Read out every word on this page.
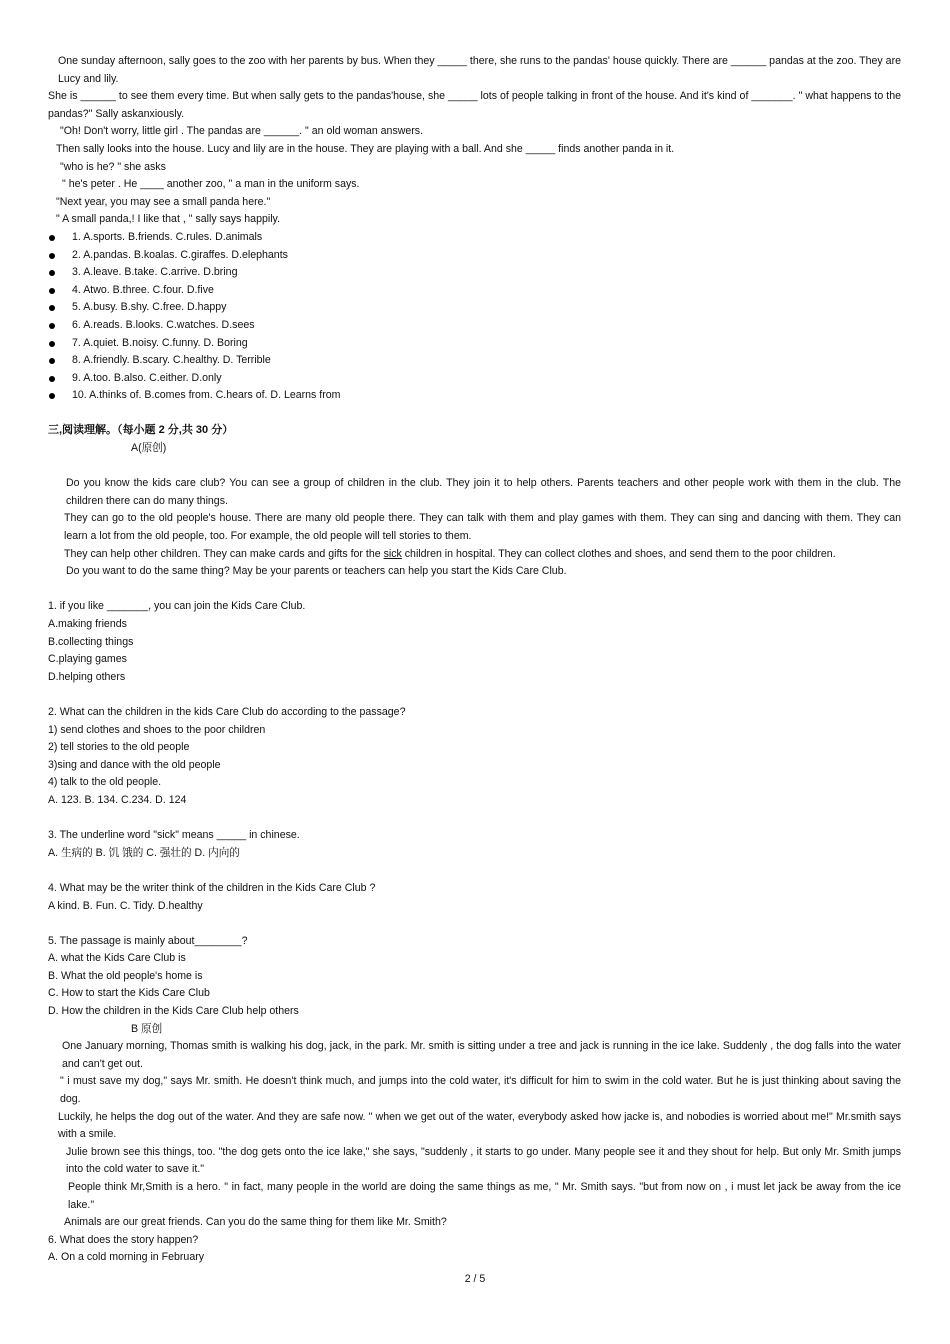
One sunday afternoon, sally goes to the zoo with her parents by bus. When they _____ there, she runs to the pandas' house quickly. There are ______ pandas at the zoo. They are Lucy and lily.
She is ______ to see them every time. But when sally gets to the pandas'house, she _____ lots of people talking in front of the house. And it's kind of _______. " what happens to the pandas?" Sally askanxiously.
"Oh! Don't worry, little girl . The pandas are ______. " an old woman answers.
Then sally looks into the house. Lucy and lily are in the house. They are playing with a ball. And she _____ finds another panda in it.
"who is he? " she asks
" he's peter . He ____ another zoo, " a man in the uniform says.
"Next year, you may see a small panda here."
" A small panda,! I like that , " sally says happily.
1. A.sports. B.friends. C.rules. D.animals
2. A.pandas. B.koalas. C.giraffes. D.elephants
3. A.leave. B.take. C.arrive. D.bring
4. Atwo. B.three. C.four. D.five
5. A.busy. B.shy. C.free. D.happy
6. A.reads. B.looks. C.watches. D.sees
7. A.quiet. B.noisy. C.funny. D. Boring
8. A.friendly. B.scary. C.healthy. D. Terrible
9. A.too. B.also. C.either. D.only
10. A.thinks of. B.comes from. C.hears of. D. Learns from
三,阅读理解。（每小题 2 分,共 30 分）
A(原创)
Do you know the kids care club? You can see a group of children in the club. They join it to help others. Parents teachers and other people work with them in the club. The children there can do many things.
They can go to the old people's house. There are many old people there. They can talk with them and play games with them. They can sing and dancing with them. They can learn a lot from the old people, too. For example, the old people will tell stories to them.
They can help other children. They can make cards and gifts for the sick children in hospital. They can collect clothes and shoes, and send them to the poor children.
Do you want to do the same thing? May be your parents or teachers can help you start the Kids Care Club.
1. if you like _______, you can join the Kids Care Club.
A.making friends
B.collecting things
C.playing games
D.helping others
2. What can the children in the kids Care Club do according to the passage?
1) send clothes and shoes to the poor children
2) tell stories to the old people
3)sing and dance with the old people
4) talk to the old people.
A. 123. B. 134. C.234. D. 124
3. The underline word "sick" means _____ in chinese.
A. 生病的 B. 饥 饿的 C. 强壮的 D. 内向的
4. What may be the writer think of the children in the Kids Care Club ?
A kind. B. Fun. C. Tidy. D.healthy
5. The passage is mainly about________?
A. what the Kids Care Club is
B. What the old people's home is
C. How to start the Kids Care Club
D. How the children in the Kids Care Club help others
B 原创
One January morning, Thomas smith is walking his dog, jack, in the park. Mr. smith is sitting under a tree and jack is running in the ice lake. Suddenly , the dog falls into the water and can't get out.
" i must save my dog," says Mr. smith. He doesn't think much, and jumps into the cold water, it's difficult for him to swim in the cold water. But he is just thinking about saving the dog.
Luckily, he helps the dog out of the water. And they are safe now. " when we get out of the water, everybody asked how jacke is, and nobodies is worried about me!" Mr.smith says with a smile.
Julie brown see this things, too. "the dog gets onto the ice lake," she says, "suddenly , it starts to go under. Many people see it and they shout for help. But only Mr. Smith jumps into the cold water to save it."
People think Mr,Smith is a hero. " in fact, many people in the world are doing the same things as me, " Mr. Smith says. "but from now on , i must let jack be away from the ice lake."
Animals are our great friends. Can you do the same thing for them like Mr. Smith?
6. What does the story happen?
A. On a cold morning in February
2 / 5
